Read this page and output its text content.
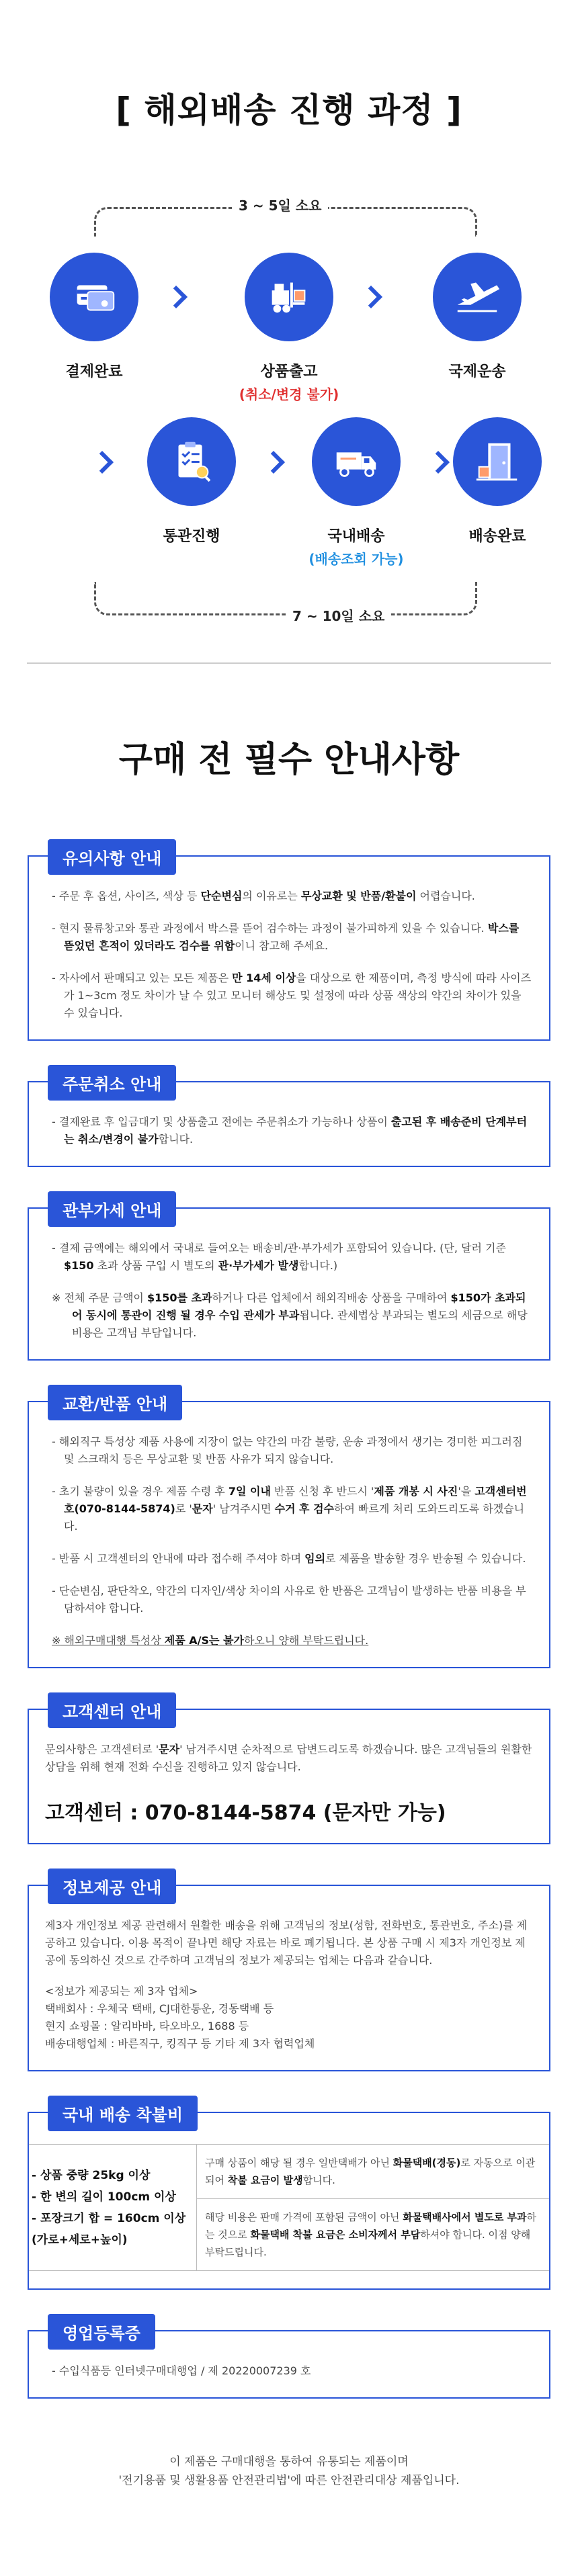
[ 해외배송 진행 과정 ]
3 ~ 5일 소요
결제완료	상품출고
(취소/변경 불가)
국제운송
통관진행	국내배송
(배송조회 가능)
배송완료
7 ~ 10일 소요
구매 전 필수 안내사항
유의사항 안내

- 주문 후 옵션, 사이즈, 색상 등 단순변심의 이유로는 무상교환 및 반품/환불이 어렵습니다.

- 현지 물류창고와 통관 과정에서 박스를 뜯어 검수하는 과정이 불가피하게 있을 수 있습니다. 박스를 뜯었던 흔적이 있더라도 검수를 위함이니 참고해 주세요.

- 자사에서 판매되고 있는 모든 제품은 만 14세 이상을 대상으로 한 제품이며, 측정 방식에 따라 사이즈가 1~3cm 정도 차이가 날 수 있고 모니터 해상도 및 설정에 따라 상품 색상의 약간의 차이가 있을 수 있습니다.

주문취소 안내

- 결제완료 후 입금대기 및 상품출고 전에는 주문취소가 가능하나 상품이 출고된 후 배송준비 단계부터는 취소/변경이 불가합니다.

관부가세 안내

- 결제 금액에는 해외에서 국내로 들여오는 배송비/관·부가세가 포함되어 있습니다. (단, 달러 기준 $150 초과 상품 구입 시 별도의 관·부가세가 발생합니다.)

※ 전체 주문 금액이 $150를 초과하거나 다른 업체에서 해외직배송 상품을 구매하여 $150가 초과되어 동시에 통관이 진행 될 경우 수입 관세가 부과됩니다. 관세법상 부과되는 별도의 세금으로 해당 비용은 고객님 부담입니다.

교환/반품 안내

- 해외직구 특성상 제품 사용에 지장이 없는 약간의 마감 불량, 운송 과정에서 생기는 경미한 피그러짐 및 스크래치 등은 무상교환 및 반품 사유가 되지 않습니다.

- 초기 불량이 있을 경우 제품 수령 후 7일 이내 반품 신청 후 반드시 '제품 개봉 시 사진'을 고객센터번호(070-8144-5874)로 '문자' 남겨주시면 수거 후 검수하여 빠르게 처리 도와드리도록 하겠습니다.

- 반품 시 고객센터의 안내에 따라 접수해 주셔야 하며 임의로 제품을 발송할 경우 반송될 수 있습니다.

- 단순변심, 판단착오, 약간의 디자인/색상 차이의 사유로 한 반품은 고객님이 발생하는 반품 비용을 부담하셔야 합니다.

※ 해외구매대행 특성상 제품 A/S는 불가하오니 양해 부탁드립니다.

고객센터 안내

문의사항은 고객센터로 '문자' 남겨주시면 순차적으로 답변드리도록 하겠습니다. 많은 고객님들의 원활한 상담을 위해 현재 전화 수신을 진행하고 있지 않습니다.

고객센터 : 070-8144-5874 (문자만 가능)

정보제공 안내

제3자 개인정보 제공 관련해서 원활한 배송을 위해 고객님의 정보(성함, 전화번호, 통관번호, 주소)를 제공하고 있습니다. 이용 목적이 끝나면 해당 자료는 바로 폐기됩니다. 본 상품 구매 시 제3자 개인정보 제공에 동의하신 것으로 간주하며 고객님의 정보가 제공되는 업체는 다음과 같습니다.

<정보가 제공되는 제 3자 업체>

택배회사 : 우체국 택배, CJ대한통운, 경동택배 등

현지 쇼핑몰 : 알리바바, 타오바오, 1688 등

배송대행업체 : 바른직구, 킹직구 등 기타 제 3자 협력업체

국내 배송 착불비
- 상품 중량 25kg 이상
- 한 변의 길이 100cm 이상
- 포장크기 합 = 160cm 이상
(가로+세로+높이)
구매 상품이 해당 될 경우 일반택배가 아닌 화물택배(경동)로 자동으로 이관되어 착불 요금이 발생합니다.
해당 비용은 판매 가격에 포함된 금액이 아닌 화물택배사에서 별도로 부과하는 것으로 화물택배 착불 요금은 소비자께서 부담하셔야 합니다. 이점 양해 부탁드립니다.
영업등록증

- 수입식품등 인터넷구매대행업 / 제 20220007239 호

이 제품은 구매대행을 통하여 유통되는 제품이며

'전기용품 및 생활용품 안전관리법'에 따른 안전관리대상 제품입니다.
